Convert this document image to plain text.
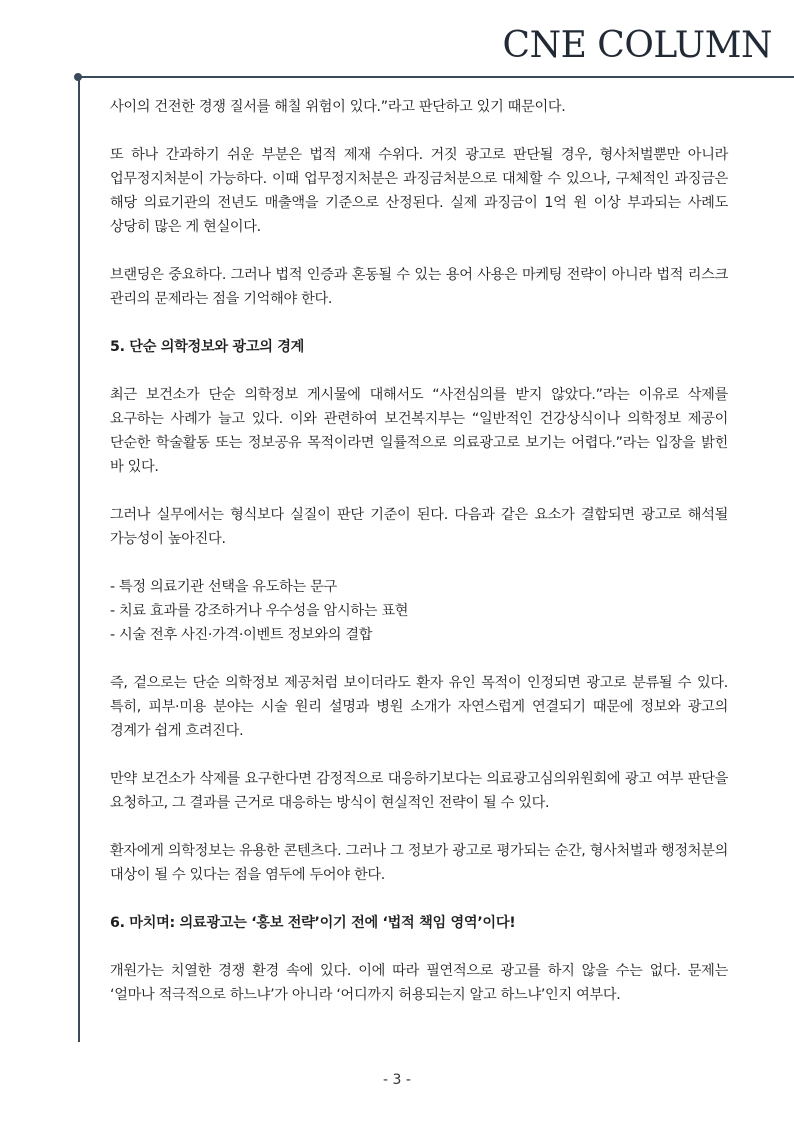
CNE COLUMN

사이의 건전한 경쟁 질서를 해칠 위험이 있다.”라고 판단하고 있기 때문이다.

또 하나 간과하기 쉬운 부분은 법적 제재 수위다. 거짓 광고로 판단될 경우, 형사처벌뿐만 아니라 업무정지처분이 가능하다. 이때 업무정지처분은 과징금처분으로 대체할 수 있으나, 구체적인 과징금은 해당 의료기관의 전년도 매출액을 기준으로 산정된다. 실제 과징금이 1억 원 이상 부과되는 사례도 상당히 많은 게 현실이다.

브랜딩은 중요하다. 그러나 법적 인증과 혼동될 수 있는 용어 사용은 마케팅 전략이 아니라 법적 리스크 관리의 문제라는 점을 기억해야 한다.

5. 단순 의학정보와 광고의 경계

최근 보건소가 단순 의학정보 게시물에 대해서도 “사전심의를 받지 않았다.”라는 이유로 삭제를 요구하는 사례가 늘고 있다. 이와 관련하여 보건복지부는 “일반적인 건강상식이나 의학정보 제공이 단순한 학술활동 또는 정보공유 목적이라면 일률적으로 의료광고로 보기는 어렵다.”라는 입장을 밝힌 바 있다.

그러나 실무에서는 형식보다 실질이 판단 기준이 된다. 다음과 같은 요소가 결합되면 광고로 해석될 가능성이 높아진다.

- 특정 의료기관 선택을 유도하는 문구
- 치료 효과를 강조하거나 우수성을 암시하는 표현
- 시술 전후 사진·가격·이벤트 정보와의 결합

즉, 겉으로는 단순 의학정보 제공처럼 보이더라도 환자 유인 목적이 인정되면 광고로 분류될 수 있다. 특히, 피부·미용 분야는 시술 원리 설명과 병원 소개가 자연스럽게 연결되기 때문에 정보와 광고의 경계가 쉽게 흐려진다.

만약 보건소가 삭제를 요구한다면 감정적으로 대응하기보다는 의료광고심의위원회에 광고 여부 판단을 요청하고, 그 결과를 근거로 대응하는 방식이 현실적인 전략이 될 수 있다.

환자에게 의학정보는 유용한 콘텐츠다. 그러나 그 정보가 광고로 평가되는 순간, 형사처벌과 행정처분의 대상이 될 수 있다는 점을 염두에 두어야 한다.

6. 마치며: 의료광고는 ‘홍보 전략’이기 전에 ‘법적 책임 영역’이다!

개원가는 치열한 경쟁 환경 속에 있다. 이에 따라 필연적으로 광고를 하지 않을 수는 없다. 문제는 ‘얼마나 적극적으로 하느냐’가 아니라 ‘어디까지 허용되는지 알고 하느냐’인지 여부다.

- 3 -
